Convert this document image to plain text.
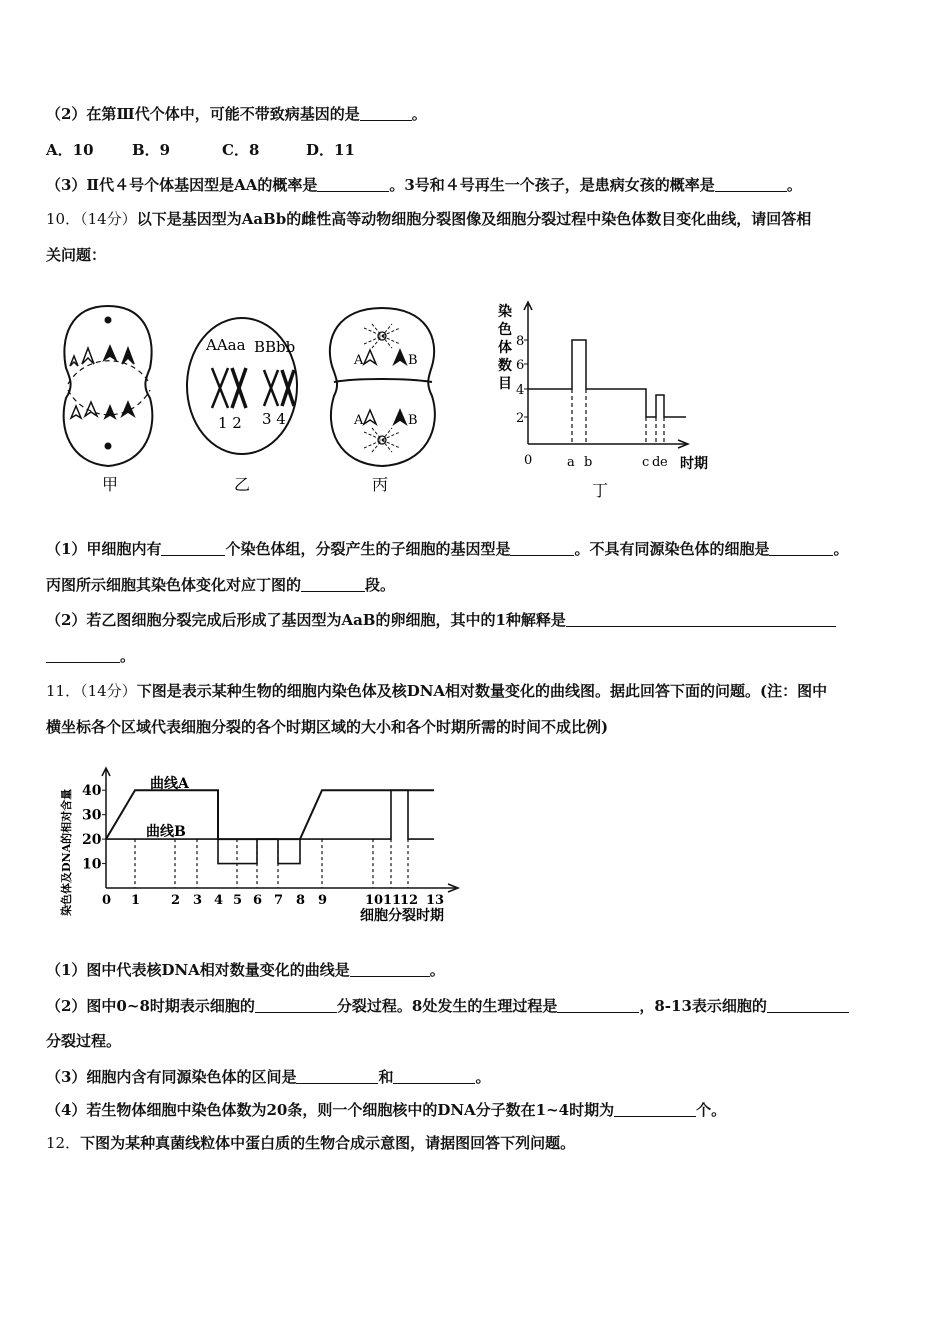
（2）在第Ⅲ代个体中，可能不带致病基因的是	。
A．10	B．9	C．8	D．11
（3）Ⅱ代４号个体基因型是AA的概率是	。3号和４号再生一个孩子，是患病女孩的概率是	。
10．（14分）以下是基因型为AaBb的雌性高等动物细胞分裂图像及细胞分裂过程中染色体数目变化曲线，请回答相
关问题：
甲
AAaa BBbb
1 2 3 4
乙
A	B
A	B
丙
染色体数目
8
6
4
2
0	a b	c d e 时期
丁
（1）甲细胞内有	个染色体组，分裂产生的子细胞的基因型是	。不具有同源染色体的细胞是	。
丙图所示细胞其染色体变化对应丁图的	段。
（2）若乙图细胞分裂完成后形成了基因型为AaB的卵细胞，其中的1种解释是
。
11．（14分）下图是表示某种生物的细胞内染色体及核DNA相对数量变化的曲线图。据此回答下面的问题。(注：图中
横坐标各个区域代表细胞分裂的各个时期区域的大小和各个时期所需的时间不成比例)
染色体及DNA的相对含量	细胞分裂时期
曲线A
曲线B
10
20
30
40
0 1 2 3 4 5 6 7 8 9	10 11
12 13
（1）图中代表核DNA相对数量变化的曲线是	。
（2）图中0~8时期表示细胞的	分裂过程。8处发生的生理过程是	，8-13表示细胞的
分裂过程。
（3）细胞内含有同源染色体的区间是	和	。
（4）若生物体细胞中染色体数为20条，则一个细胞核中的DNA分子数在1~4时期为	个。
12．下图为某种真菌线粒体中蛋白质的生物合成示意图，请据图回答下列问题。
